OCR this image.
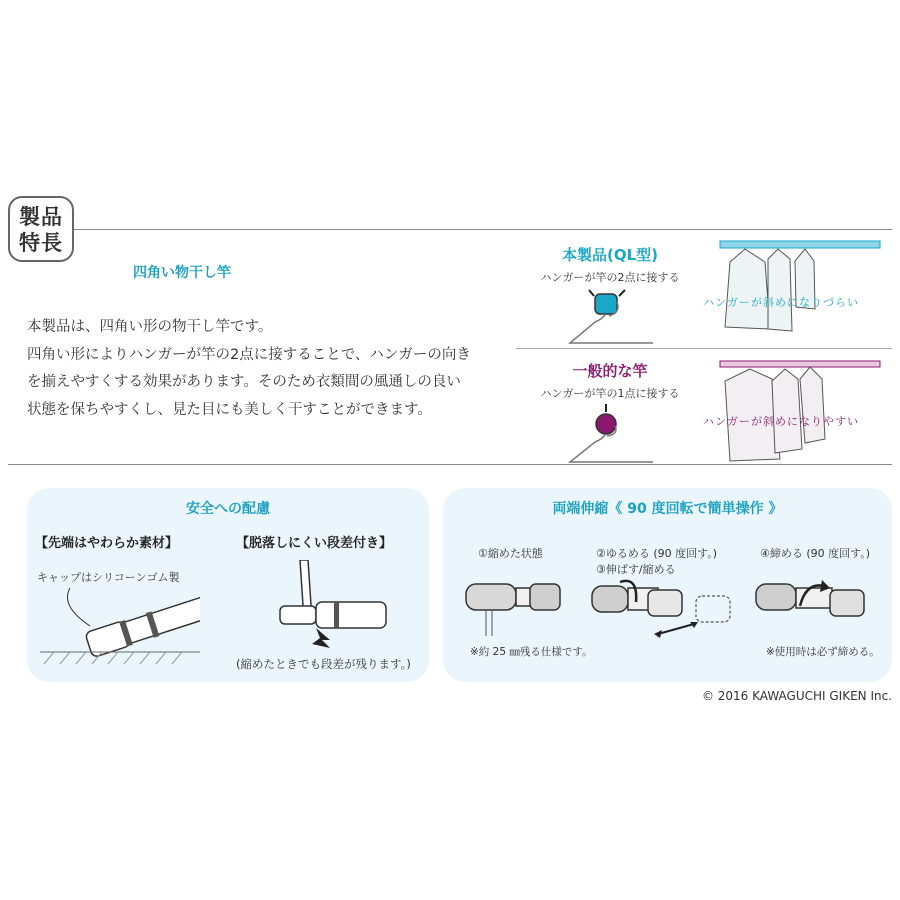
製品
特長
四角い物干し竿
本製品は、四角い形の物干し竿です。
四角い形によりハンガーが竿の2点に接することで、ハンガーの向き
を揃えやすくする効果があります。そのため衣類間の風通しの良い
状態を保ちやすくし、見た目にも美しく干すことができます。
本製品(QL型)
ハンガーが竿の2点に接する
ハンガーが斜めになりづらい
一般的な竿
ハンガーが竿の1点に接する
ハンガーが斜めになりやすい
安全への配慮
【先端はやわらか素材】	【脱落しにくい段差付き】
キャップはシリコーンゴム製
(縮めたときでも段差が残ります。)
両端伸縮《 90 度回転で簡単操作 》
①縮めた状態	②ゆるめる (90 度回す。)
③伸ばす/縮める
④締める (90 度回す。)
※約 25 ㎜残る仕様です。	※使用時は必ず締める。
© 2016 KAWAGUCHI GIKEN Inc.
